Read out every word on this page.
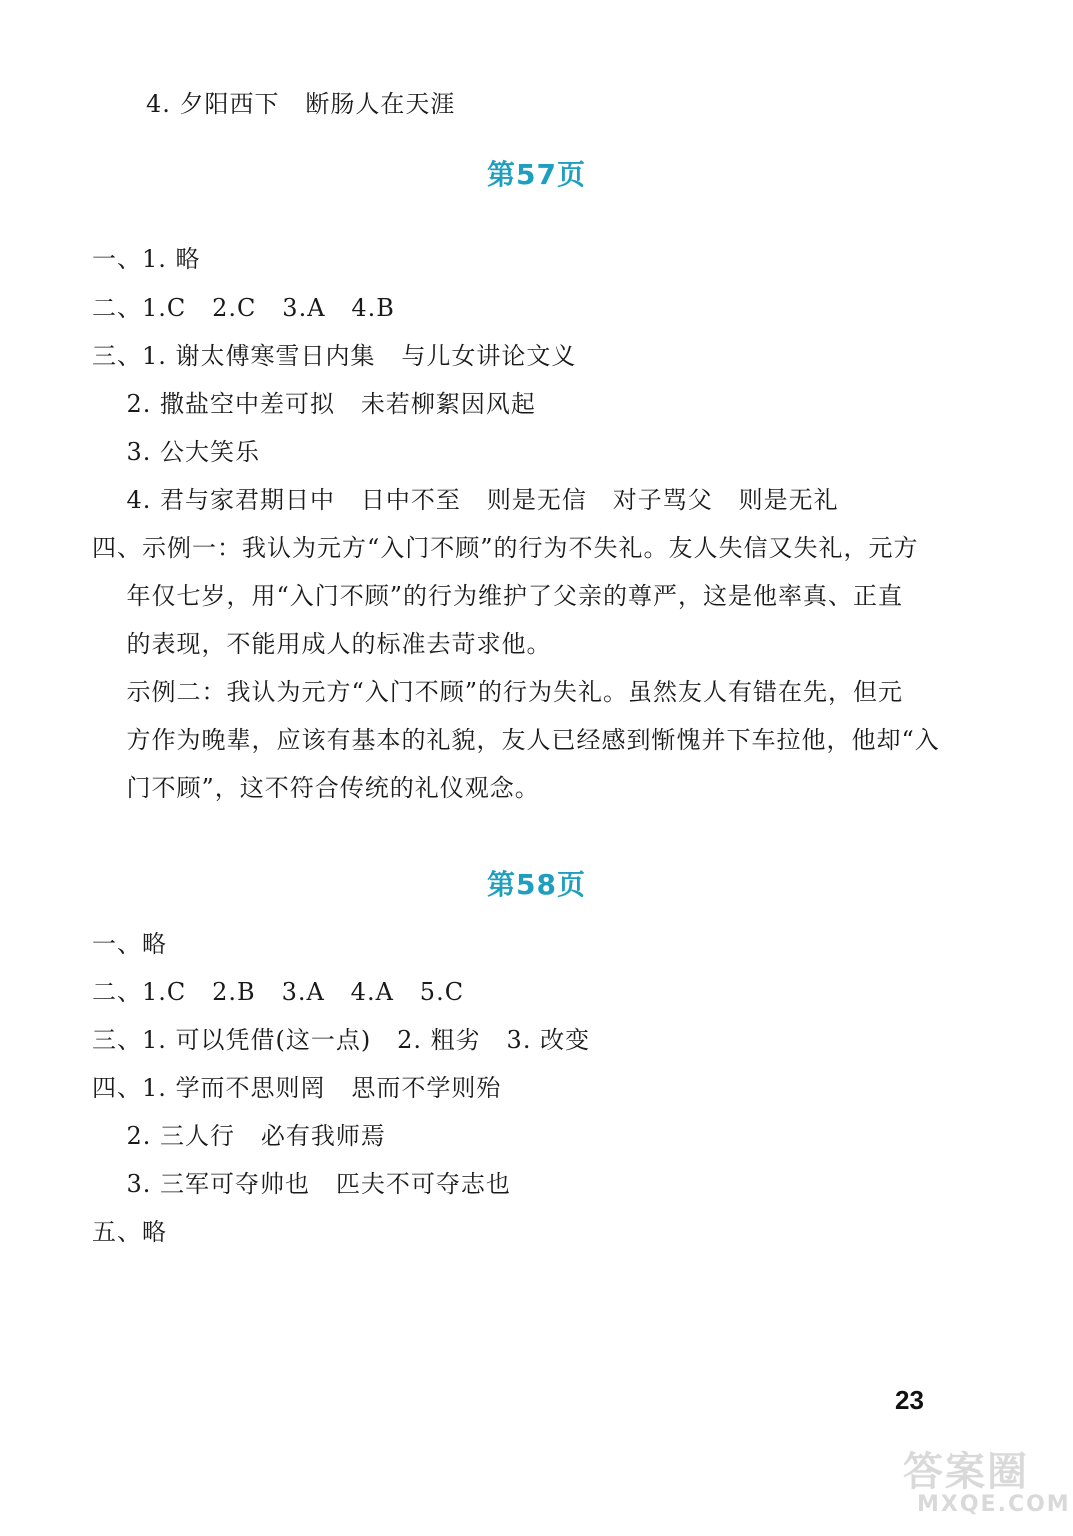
4. 夕阳西下   断肠人在天涯
第57页
一、1. 略
二、1.C   2.C   3.A   4.B
三、1. 谢太傅寒雪日内集   与儿女讲论文义
2. 撒盐空中差可拟   未若柳絮因风起
3. 公大笑乐
4. 君与家君期日中   日中不至   则是无信   对子骂父   则是无礼
四、示例一：我认为元方“入门不顾”的行为不失礼。友人失信又失礼，元方
年仅七岁，用“入门不顾”的行为维护了父亲的尊严，这是他率真、正直
的表现，不能用成人的标准去苛求他。
示例二：我认为元方“入门不顾”的行为失礼。虽然友人有错在先，但元
方作为晚辈，应该有基本的礼貌，友人已经感到惭愧并下车拉他，他却“入
门不顾”，这不符合传统的礼仪观念。
第58页
一、略
二、1.C   2.B   3.A   4.A   5.C
三、1. 可以凭借(这一点)   2. 粗劣   3. 改变
四、1. 学而不思则罔   思而不学则殆
2. 三人行   必有我师焉
3. 三军可夺帅也   匹夫不可夺志也
五、略
23
答案圈
MXQE.COM
